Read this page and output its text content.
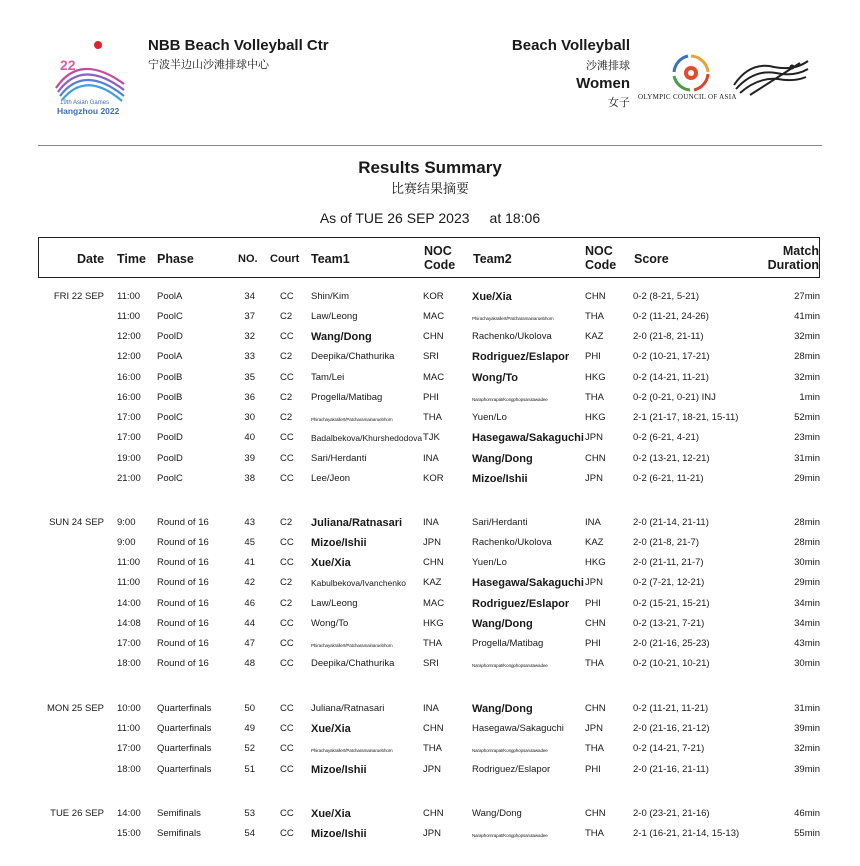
22
19th Asian Games
Hangzhou 2022
NBB Beach Volleyball Ctr
宁波半边山沙滩排球中心
Beach Volleyball
沙滩排球
Women
女子 OLYMPIC COUNCIL OF ASIA
Results Summary
比赛结果摘要
As of TUE 26 SEP 2023 at 18:06
Date Time Phase	NO. Court Team1
NOC
Code Team2
NOC
Code Score
Match
Duration
FRI 22 SEP 11:00 PoolA	34	CC Shin/Kim	KOR	Xue/Xia	CHN	0-2 (8-21, 5-21)	27min
11:00 PoolC	37	C2 Law/Leong	MAC	Phirachayakrallert/Patcharamainaruebhorn	THA	0-2 (11-21, 24-26)	41min
12:00 PoolD	32	CC Wang/Dong	CHN	Rachenko/Ukolova	KAZ	2-0 (21-8, 21-11)	32min
12:00 PoolA	33	C2 Deepika/Chathurika	SRI	Rodriguez/Eslapor PHI	0-2 (10-21, 17-21)	28min
16:00 PoolB	35	CC Tam/Lei	MAC	Wong/To	HKG	0-2 (14-21, 11-21)	32min
16:00 PoolB	36	C2 Progella/Matibag	PHI	Naraphornrapat/Kongphopsarutawadee	THA	0-2 (0-21, 0-21) INJ	1min
17:00 PoolC	30	C2	Phirachayakrallert/Patcharamainaruebhorn	THA	Yuen/Lo	HKG	2-1 (21-17, 18-21, 15-11)	52min
17:00 PoolD	40	CC Badalbekova/Khurshedodova TJK	Hasegawa/Sakaguchi JPN	0-2 (6-21, 4-21)	23min
19:00 PoolD	39	CC Sari/Herdanti	INA	Wang/Dong	CHN	0-2 (13-21, 12-21)	31min
21:00 PoolC	38	CC Lee/Jeon	KOR	Mizoe/Ishii	JPN	0-2 (6-21, 11-21)	29min
SUN 24 SEP 9:00 Round of 16	43	C2 Juliana/Ratnasari INA	Sari/Herdanti	INA	2-0 (21-14, 21-11)	28min
9:00 Round of 16	45	CC Mizoe/Ishii	JPN	Rachenko/Ukolova	KAZ	2-0 (21-8, 21-7)	28min
11:00 Round of 16	41	CC Xue/Xia	CHN	Yuen/Lo	HKG	2-0 (21-11, 21-7)	30min
11:00 Round of 16	42	C2 Kabulbekova/Ivanchenko KAZ	Hasegawa/Sakaguchi JPN	0-2 (7-21, 12-21)	29min
14:00 Round of 16	46	C2 Law/Leong	MAC	Rodriguez/Eslapor PHI	0-2 (15-21, 15-21)	34min
14:08 Round of 16	44	CC Wong/To	HKG	Wang/Dong	CHN	0-2 (13-21, 7-21)	34min
17:00 Round of 16	47	CC	Phirachayakrallert/Patcharamainaruebhorn	THA	Progella/Matibag	PHI	2-0 (21-16, 25-23)	43min
18:00 Round of 16	48	CC Deepika/Chathurika	SRI	Naraphornrapat/Kongphopsarutawadee	THA	0-2 (10-21, 10-21)	30min
MON 25 SEP 10:00 Quarterfinals	50	CC Juliana/Ratnasari	INA	Wang/Dong	CHN	0-2 (11-21, 11-21)	31min
11:00 Quarterfinals	49	CC Xue/Xia	CHN	Hasegawa/Sakaguchi JPN	2-0 (21-16, 21-12)	39min
17:00 Quarterfinals	52	CC	Phirachayakrallert/Patcharamainaruebhorn	THA	Naraphornrapat/Kongphopsarutawadee	THA	0-2 (14-21, 7-21)	32min
18:00 Quarterfinals	51	CC Mizoe/Ishii	JPN	Rodriguez/Eslapor	PHI	2-0 (21-16, 21-11)	39min
TUE 26 SEP 14:00 Semifinals	53	CC Xue/Xia	CHN	Wang/Dong	CHN	2-0 (23-21, 21-16)	46min
15:00 Semifinals	54	CC Mizoe/Ishii	JPN	Naraphornrapat/Kongphopsarutawadee	THA	2-1 (16-21, 21-14, 15-13)	55min
